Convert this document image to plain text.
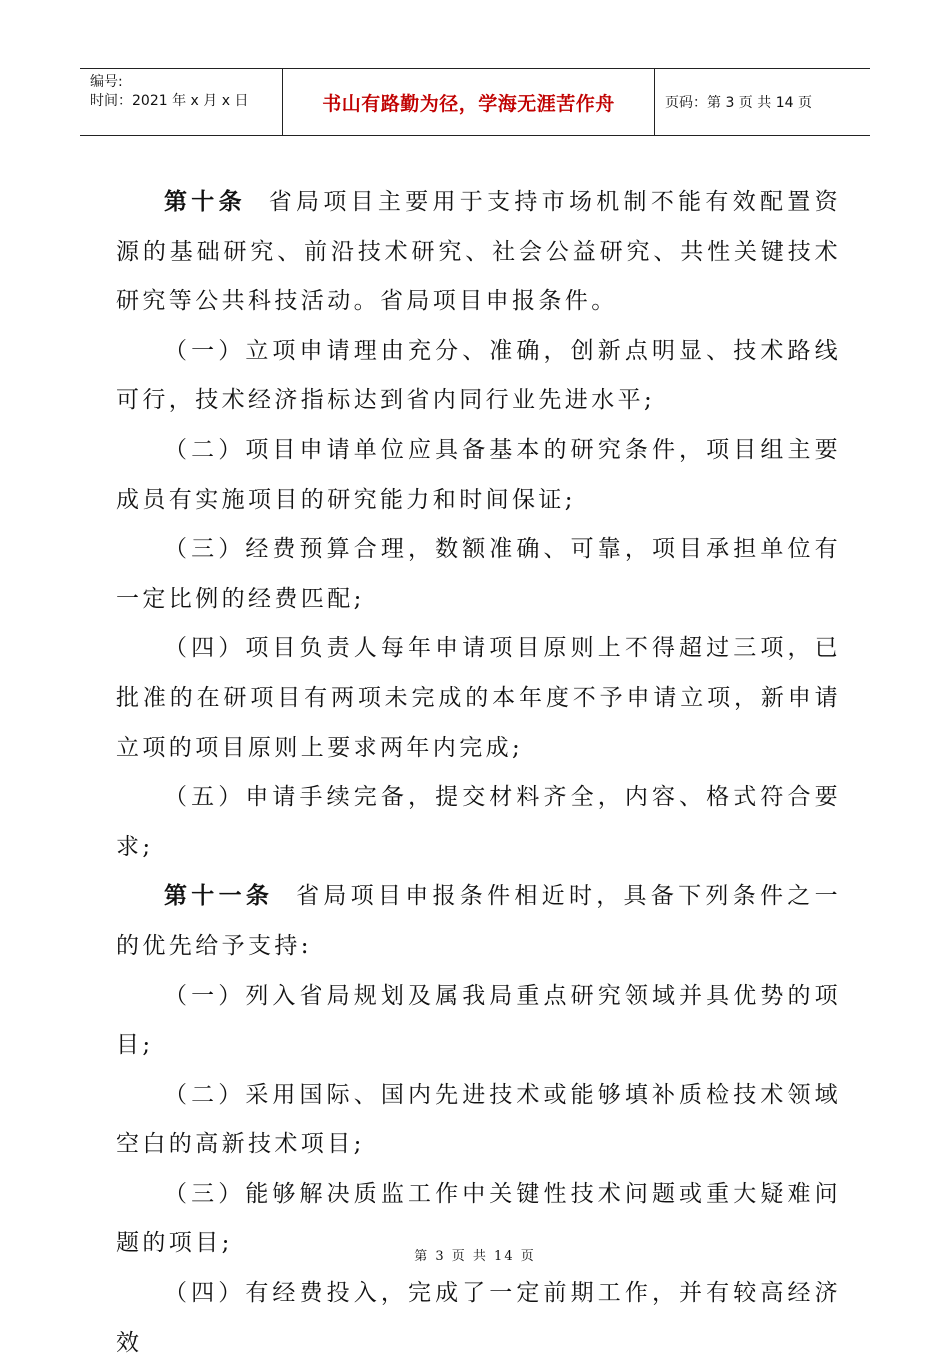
编号:
时间：2021 年 x 月 x 日	书山有路勤为径，学海无涯苦作舟	页码：第 3 页 共 14 页

第十条 省局项目主要用于支持市场机制不能有效配置资源的基础研究、前沿技术研究、社会公益研究、共性关键技术研究等公共科技活动。省局项目申报条件。

（一）立项申请理由充分、准确，创新点明显、技术路线可行，技术经济指标达到省内同行业先进水平;

（二）项目申请单位应具备基本的研究条件，项目组主要成员有实施项目的研究能力和时间保证;

（三）经费预算合理，数额准确、可靠，项目承担单位有一定比例的经费匹配;

（四）项目负责人每年申请项目原则上不得超过三项，已批准的在研项目有两项未完成的本年度不予申请立项，新申请立项的项目原则上要求两年内完成;

（五）申请手续完备，提交材料齐全，内容、格式符合要求;

第十一条 省局项目申报条件相近时，具备下列条件之一的优先给予支持:

（一）列入省局规划及属我局重点研究领域并具优势的项目;

（二）采用国际、国内先进技术或能够填补质检技术领域空白的高新技术项目;

（三）能够解决质监工作中关键性技术问题或重大疑难问题的项目;

（四）有经费投入，完成了一定前期工作，并有较高经济效

第 3 页 共 14 页
